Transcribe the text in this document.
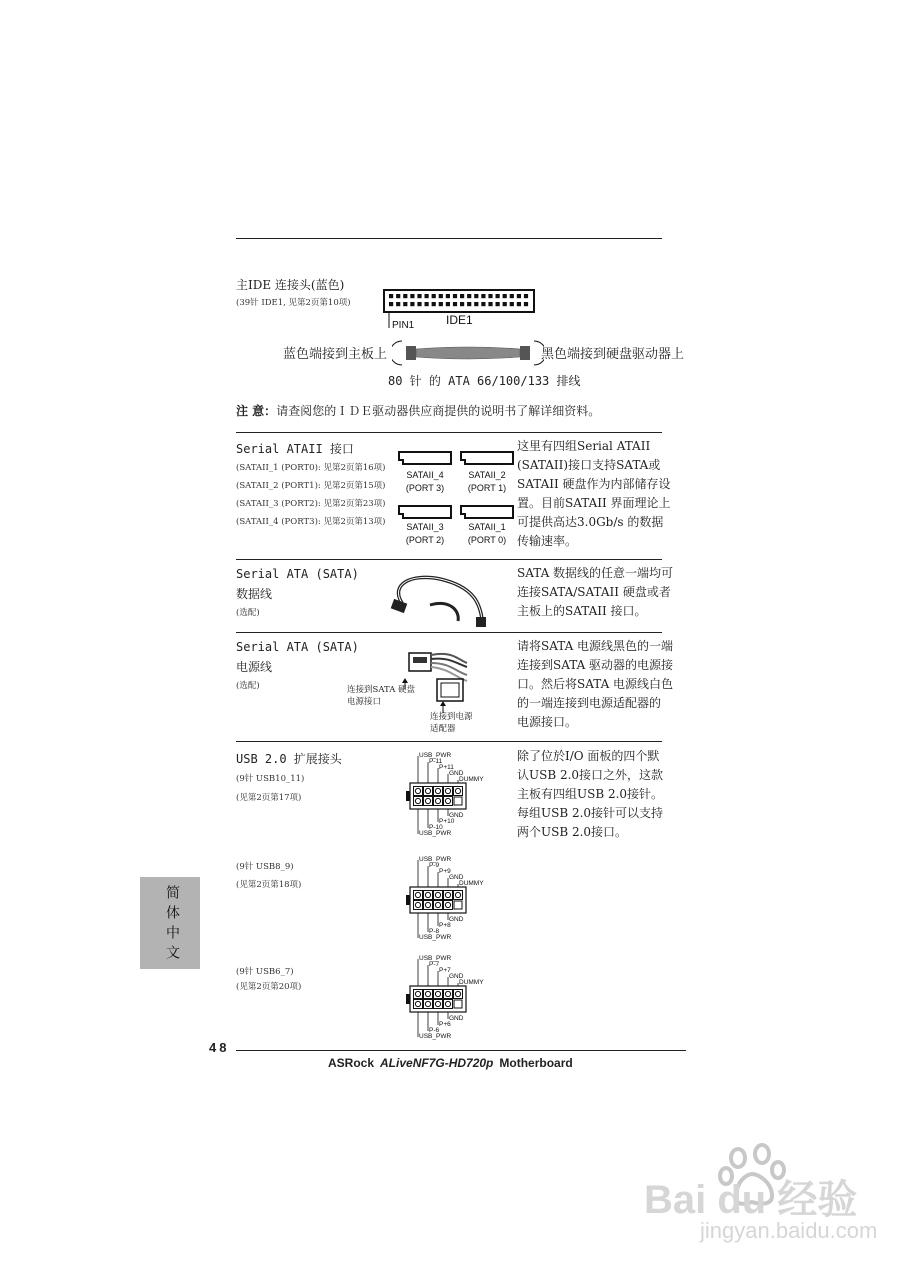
主IDE 连接头(蓝色)
(39针 IDE1, 见第2页第10项)
PIN1	IDE1
蓝色端接到主板上	黑色端接到硬盘驱动器上
80 针 的 ATA 66/100/133 排线
注 意：请查阅您的ＩＤＥ驱动器供应商提供的说明书了解详细资料。
Serial ATAII 接口
(SATAII_1 (PORT0): 见第2页第16项)
(SATAII_2 (PORT1): 见第2页第15项)
(SATAII_3 (PORT2): 见第2页第23项)
(SATAII_4 (PORT3): 见第2页第13项)
SATAII_4
(PORT 3)
SATAII_2
(PORT 1)
SATAII_3
(PORT 2)
SATAII_1
(PORT 0)
这里有四组Serial ATAII
(SATAII)接口支持SATA或
SATAII 硬盘作为内部储存设
置。目前SATAII 界面理论上
可提供高达3.0Gb/s 的数据
传输速率。
Serial ATA (SATA)
数据线
(选配)
SATA 数据线的任意一端均可
连接SATA/SATAII 硬盘或者
主板上的SATAII 接口。
Serial ATA (SATA)
电源线
(选配)	连接到SATA 硬盘
电源接口
连接到电源
适配器
请将SATA 电源线黑色的一端
连接到SATA 驱动器的电源接
口。然后将SATA 电源线白色
的一端连接到电源适配器的
电源接口。
USB 2.0 扩展接头
(9针 USB10_11)
(见第2页第17项)
(9针 USB8_9)
(见第2页第18项)
(9针 USB6_7)
(见第2页第20项)
USB_PWR
P-11
P+11
GND
DUMMY
GND
P+10
P-10
USB_PWR
USB_PWR
P-9
P+9
GND
DUMMY
GND
P+8
P-8
USB_PWR
USB_PWR
P-7
P+7
GND
DUMMY
GND
P+6
P-6
USB_PWR
除了位於I/O 面板的四个默
认USB 2.0接口之外，这款
主板有四组USB 2.0接针。
每组USB 2.0接针可以支持
两个USB 2.0接口。
简体中文
48
ASRock ALiveNF7G-HD720p Motherboard
Bai du 经验
jingyan.baidu.com
